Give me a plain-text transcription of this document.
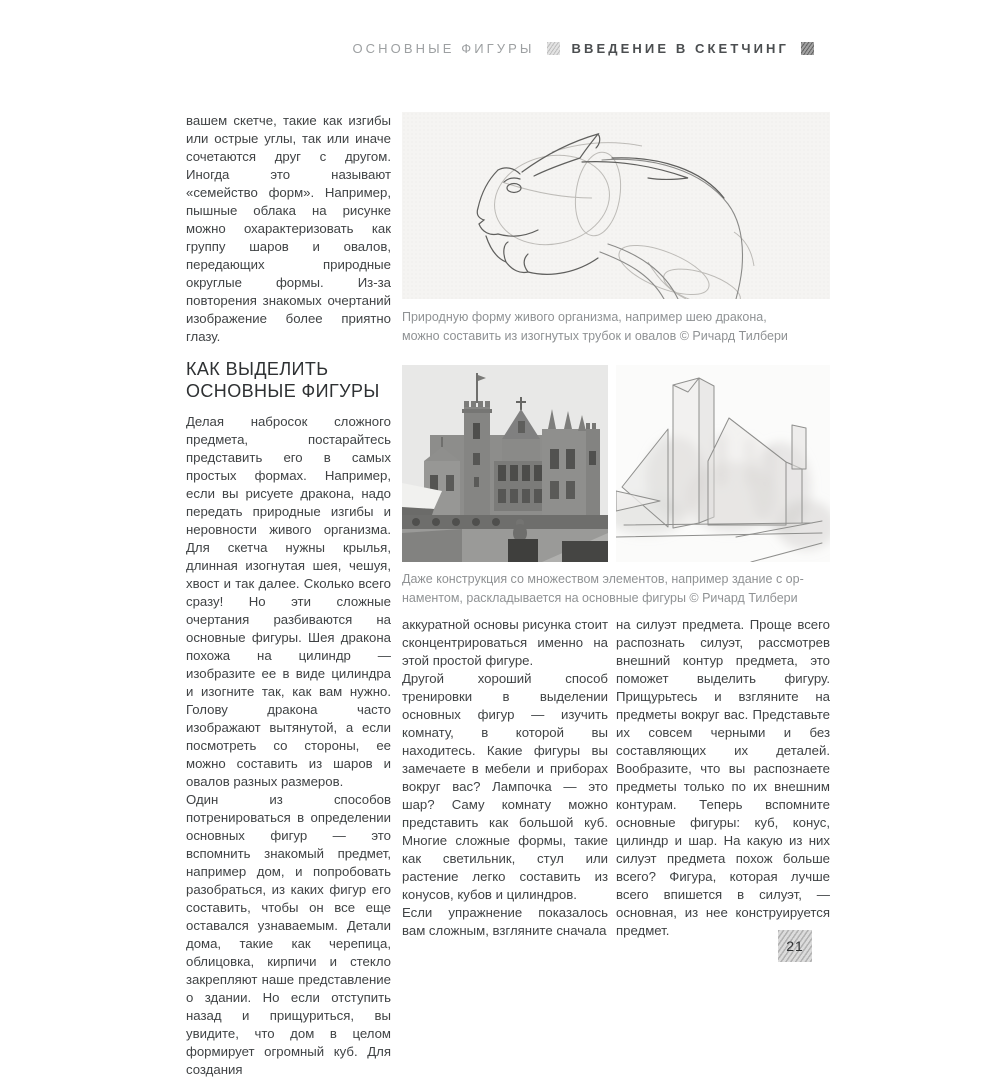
ОСНОВНЫЕ ФИГУРЫ	ВВЕДЕНИЕ В СКЕТЧИНГ

вашем скетче, такие как изгибы или острые углы, так или иначе сочетаются друг с другом. Иногда это называют «семейство форм». Например, пышные облака на рисунке можно охарактеризовать как группу шаров и овалов, передающих природные округлые формы. Из-за повторения знакомых очертаний изображение более приятно глазу.

КАК ВЫДЕЛИТЬ ОСНОВНЫЕ ФИГУРЫ

Делая набросок сложного предмета, постарайтесь представить его в самых простых формах. Например, если вы рисуете дракона, надо передать природные изгибы и неровности живого организма. Для скетча нужны крылья, длинная изогнутая шея, чешуя, хвост и так далее. Сколько всего сразу! Но эти сложные очертания разбиваются на основные фигуры. Шея дракона похожа на цилиндр — изобразите ее в виде цилиндра и изогните так, как вам нужно. Голову дракона часто изображают вытянутой, а если посмотреть со стороны, ее можно составить из шаров и овалов разных размеров.

Один из способов потренироваться в определении основных фигур — это вспомнить знакомый предмет, например дом, и попробовать разобраться, из каких фигур его составить, чтобы он все еще оставался узнаваемым. Детали дома, такие как черепица, облицовка, кирпичи и стекло закрепляют наше представление о здании. Но если отступить назад и прищуриться, вы увидите, что дом в целом формирует огромный куб. Для создания

Природную форму живого организма, например шею дракона,
можно составить из изогнутых трубок и овалов © Ричард Тилбери
Даже конструкция со множеством элементов, например здание с ор-
наментом, раскладывается на основные фигуры © Ричард Тилбери

аккуратной основы рисунка стоит сконцентрироваться именно на этой простой фигуре.

Другой хороший способ тренировки в выделении основных фигур — изучить комнату, в которой вы находитесь. Какие фигуры вы замечаете в мебели и приборах вокруг вас? Лампочка — это шар? Саму комнату можно представить как большой куб. Многие сложные формы, такие как светильник, стул или растение легко составить из конусов, кубов и цилиндров.

Если упражнение показалось вам сложным, взгляните сначала

на силуэт предмета. Проще всего распознать силуэт, рассмотрев внешний контур предмета, это поможет выделить фигуру. Прищурьтесь и взгляните на предметы вокруг вас. Представьте их совсем черными и без составляющих их деталей. Вообразите, что вы распознаете предметы только по их внешним контурам. Теперь вспомните основные фигуры: куб, конус, цилиндр и шар. На какую из них силуэт предмета похож больше всего? Фигура, которая лучше всего впишется в силуэт, — основная, из нее конструируется предмет.

21
